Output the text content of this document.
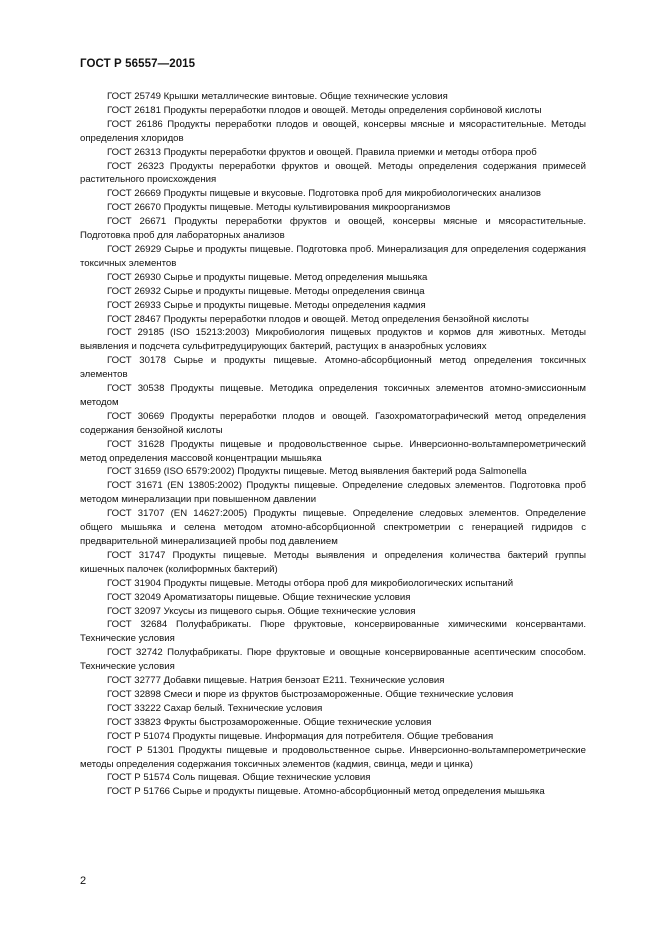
ГОСТ Р 56557—2015

ГОСТ 25749 Крышки металлические винтовые. Общие технические условия

ГОСТ 26181 Продукты переработки плодов и овощей. Методы определения сорбиновой кислоты

ГОСТ 26186 Продукты переработки плодов и овощей, консервы мясные и мясорастительные. Методы определения хлоридов

ГОСТ 26313 Продукты переработки фруктов и овощей. Правила приемки и методы отбора проб

ГОСТ 26323 Продукты переработки фруктов и овощей. Методы определения содержания примесей растительного происхождения

ГОСТ 26669 Продукты пищевые и вкусовые. Подготовка проб для микробиологических анализов

ГОСТ 26670 Продукты пищевые. Методы культивирования микроорганизмов

ГОСТ 26671 Продукты переработки фруктов и овощей, консервы мясные и мясорастительные. Подготовка проб для лабораторных анализов

ГОСТ 26929 Сырье и продукты пищевые. Подготовка проб. Минерализация для определения содержания токсичных элементов

ГОСТ 26930 Сырье и продукты пищевые. Метод определения мышьяка

ГОСТ 26932 Сырье и продукты пищевые. Методы определения свинца

ГОСТ 26933 Сырье и продукты пищевые. Методы определения кадмия

ГОСТ 28467 Продукты переработки плодов и овощей. Метод определения бензойной кислоты

ГОСТ 29185 (ISO 15213:2003) Микробиология пищевых продуктов и кормов для животных. Методы выявления и подсчета сульфитредуцирующих бактерий, растущих в анаэробных условиях

ГОСТ 30178 Сырье и продукты пищевые. Атомно-абсорбционный метод определения токсичных элементов

ГОСТ 30538 Продукты пищевые. Методика определения токсичных элементов атомно-эмиссионным методом

ГОСТ 30669 Продукты переработки плодов и овощей. Газохроматографический метод определения содержания бензойной кислоты

ГОСТ 31628 Продукты пищевые и продовольственное сырье. Инверсионно-вольтамперометрический метод определения массовой концентрации мышьяка

ГОСТ 31659 (ISO 6579:2002) Продукты пищевые. Метод выявления бактерий рода Salmonella

ГОСТ 31671 (EN 13805:2002) Продукты пищевые. Определение следовых элементов. Подготовка проб методом минерализации при повышенном давлении

ГОСТ 31707 (EN 14627:2005) Продукты пищевые. Определение следовых элементов. Определение общего мышьяка и селена методом атомно-абсорбционной спектрометрии с генерацией гидридов с предварительной минерализацией пробы под давлением

ГОСТ 31747 Продукты пищевые. Методы выявления и определения количества бактерий группы кишечных палочек (колиформных бактерий)

ГОСТ 31904 Продукты пищевые. Методы отбора проб для микробиологических испытаний

ГОСТ 32049 Ароматизаторы пищевые. Общие технические условия

ГОСТ 32097 Уксусы из пищевого сырья. Общие технические условия

ГОСТ 32684 Полуфабрикаты. Пюре фруктовые, консервированные химическими консервантами. Технические условия

ГОСТ 32742 Полуфабрикаты. Пюре фруктовые и овощные консервированные асептическим способом. Технические условия

ГОСТ 32777 Добавки пищевые. Натрия бензоат Е211. Технические условия

ГОСТ 32898 Смеси и пюре из фруктов быстрозамороженные. Общие технические условия

ГОСТ 33222 Сахар белый. Технические условия

ГОСТ 33823 Фрукты быстрозамороженные. Общие технические условия

ГОСТ Р 51074 Продукты пищевые. Информация для потребителя. Общие требования

ГОСТ Р 51301 Продукты пищевые и продовольственное сырье. Инверсионно-вольтамперометрические методы определения содержания токсичных элементов (кадмия, свинца, меди и цинка)

ГОСТ Р 51574 Соль пищевая. Общие технические условия

ГОСТ Р 51766 Сырье и продукты пищевые. Атомно-абсорбционный метод определения мышьяка

2
